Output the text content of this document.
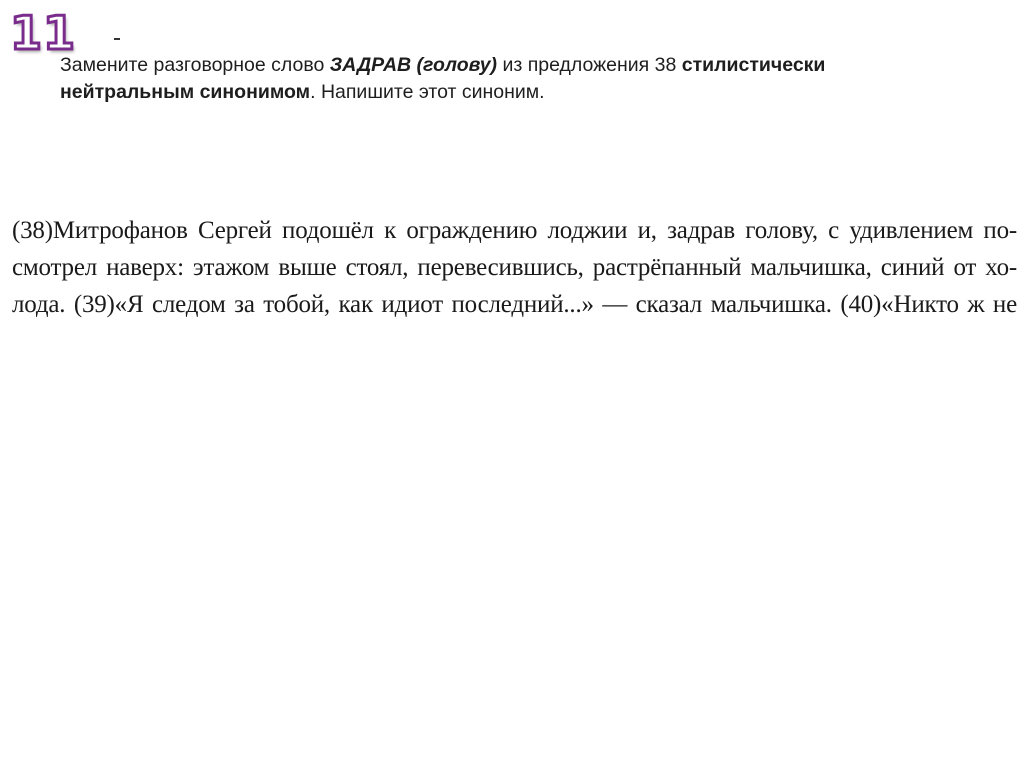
11
Замените разговорное слово ЗАДРАВ (голову) из предложения 38 стилистически
нейтральным синонимом. Напишите этот синоним.
(38)Митрофанов Сергей подошёл к ограждению лоджии и, задрав голову, с удивлением по-
смотрел наверх: этажом выше стоял, перевесившись, растрёпанный мальчишка, синий от хо-
лода. (39)«Я следом за тобой, как идиот последний...» — сказал мальчишка. (40)«Никто ж не
